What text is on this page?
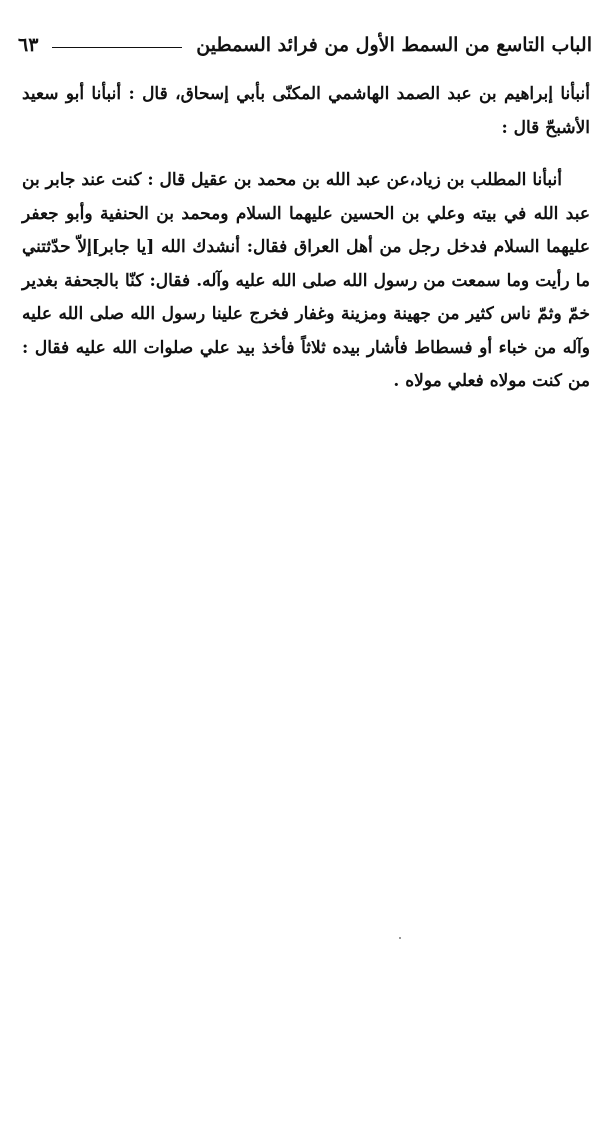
الباب التاسع من السمط الأول من فرائد السمطين
٦٣

أنبأنا إبراهيم بن عبد الصمد الهاشمي المكنّى بأبي إسحاق، قال : أنبأنا أبو سعيد الأشبحّ قال :

أنبأنا المطلب بن زياد،عن عبد الله بن محمد بن عقيل قال : كنت عند جابر بن عبد الله في بيته وعلي بن الحسين عليهما السلام ومحمد بن الحنفية وأبو جعفر عليهما السلام فدخل رجل من أهل العراق فقال: أنشدك الله [يا جابر]إلاّ حدّثتني ما رأيت وما سمعت من رسول الله صلى الله عليه وآله. فقال: كنّا بالجحفة بغدير خمّ وثمّ ناس كثير من جهينة ومزينة وغفار فخرج علينا رسول الله صلى الله عليه وآله من خباء أو فسطاط فأشار بيده ثلاثاً فأخذ بيد علي صلوات الله عليه فقال : من كنت مولاه فعلي مولاه .
